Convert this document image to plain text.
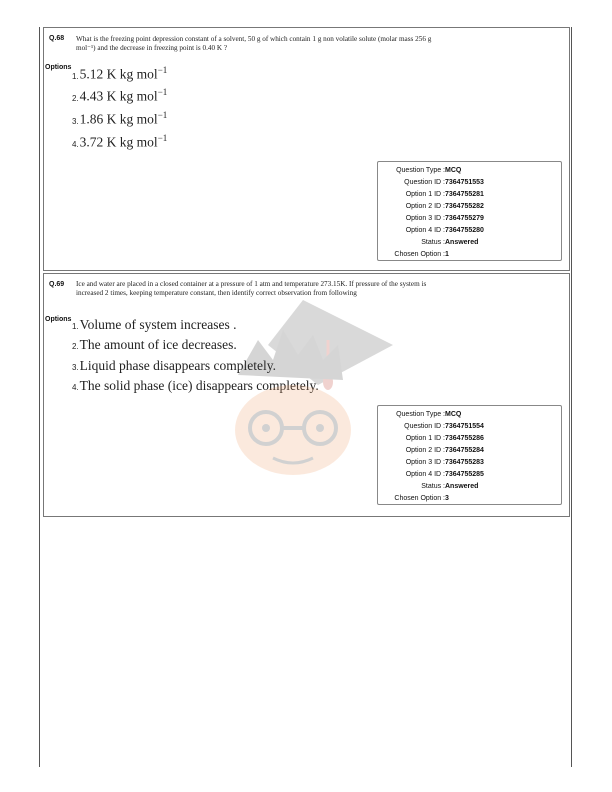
Q.68 What is the freezing point depression constant of a solvent, 50 g of which contain 1 g non volatile solute (molar mass 256 g mol⁻¹) and the decrease in freezing point is 0.40 K ?
Options
1.5.12 K kg mol$^{-1}$
2.4.43 K kg mol$^{-1}$
3.1.86 K kg mol$^{-1}$
4.3.72 K kg mol$^{-1}$
Question Type : MCQ
Question ID : 7364751553
Option 1 ID : 7364755281
Option 2 ID : 7364755282
Option 3 ID : 7364755279
Option 4 ID : 7364755280
Status : Answered
Chosen Option : 1
Q.69 Ice and water are placed in a closed container at a pressure of 1 atm and temperature 273.15K. If pressure of the system is increased 2 times, keeping temperature constant, then identify correct observation from following
Options
1.Volume of system increases .
2.The amount of ice decreases.
3.Liquid phase disappears completely.
4.The solid phase (ice) disappears completely.
Question Type : MCQ
Question ID : 7364751554
Option 1 ID : 7364755286
Option 2 ID : 7364755284
Option 3 ID : 7364755283
Option 4 ID : 7364755285
Status : Answered
Chosen Option : 3
